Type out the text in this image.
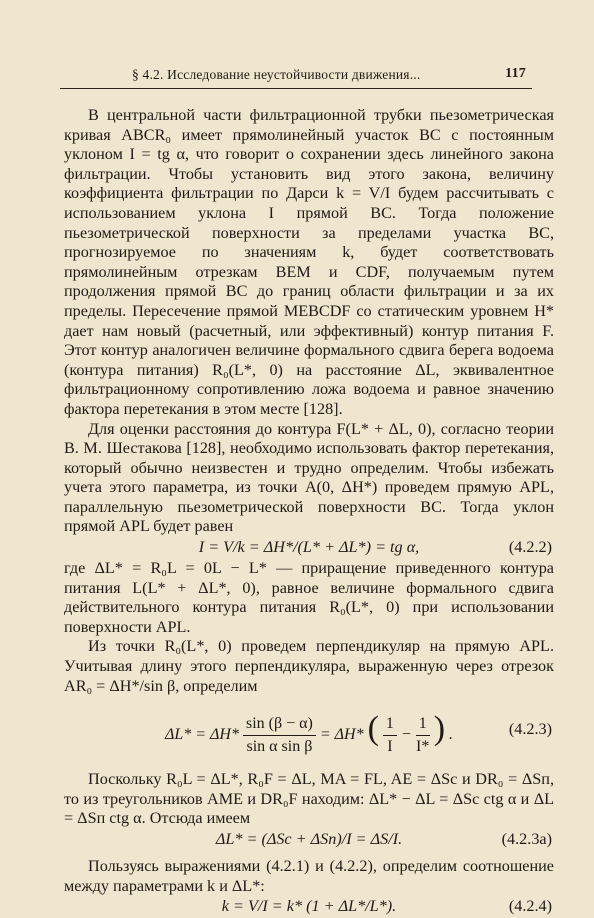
§ 4.2. Исследование неустойчивости движения...	117

В центральной части фильтрационной трубки пьезометрическая кривая ABCR₀ имеет прямолинейный участок BC с постоянным уклоном I = tg α, что говорит о сохранении здесь линейного закона фильтрации. Чтобы установить вид этого закона, величину коэффициента фильтрации по Дарси k = V/I будем рассчитывать с использованием уклона I прямой BC. Тогда положение пьезометрической поверхности за пределами участка BC, прогнозируемое по значениям k, будет соответствовать прямолинейным отрезкам BEM и CDF, получаемым путем продолжения прямой BC до границ области фильтрации и за их пределы. Пересечение прямой MEBCDF со статическим уровнем H* дает нам новый (расчетный, или эффективный) контур питания F. Этот контур аналогичен величине формального сдвига берега водоема (контура питания) R₀(L*, 0) на расстояние ΔL, эквивалентное фильтрационному сопротивлению ложа водоема и равное значению фактора перетекания в этом месте [128].

Для оценки расстояния до контура F(L* + ΔL, 0), согласно теории В. М. Шестакова [128], необходимо использовать фактор перетекания, который обычно неизвестен и трудно определим. Чтобы избежать учета этого параметра, из точки A(0, ΔH*) проведем прямую APL, параллельную пьезометрической поверхности BC. Тогда уклон прямой APL будет равен

I = V/k = ΔH*/(L* + ΔL*) = tg α,	(4.2.2)

где ΔL* = R₀L = 0L − L* — приращение приведенного контура питания L(L* + ΔL*, 0), равное величине формального сдвига действительного контура питания R₀(L*, 0) при использовании поверхности APL.

Из точки R₀(L*, 0) проведем перпендикуляр на прямую APL. Учитывая длину этого перпендикуляра, выраженную через отрезок AR₀ = ΔH*/sin β, определим

$\Delta L* = \Delta H* \frac{\sin (\beta - \alpha)}{\text{sin α sin β}} = \Delta H*$ ( $\frac{1}{I} - \frac{1}{I*}$ ) .	(4.2.3)

Поскольку R₀L = ΔL*, R₀F = ΔL, MA = FL, AE = ΔSс и DR₀ = ΔSп, то из треугольников AME и DR₀F находим: ΔL* − ΔL = ΔSс ctg α и ΔL = ΔSп ctg α. Отсюда имеем

ΔL* = (ΔSс + ΔSп)/I = ΔS/I.	(4.2.3a)

Пользуясь выражениями (4.2.1) и (4.2.2), определим соотношение между параметрами k и ΔL*:

k = V/I = k* (1 + ΔL*/L*).	(4.2.4)
